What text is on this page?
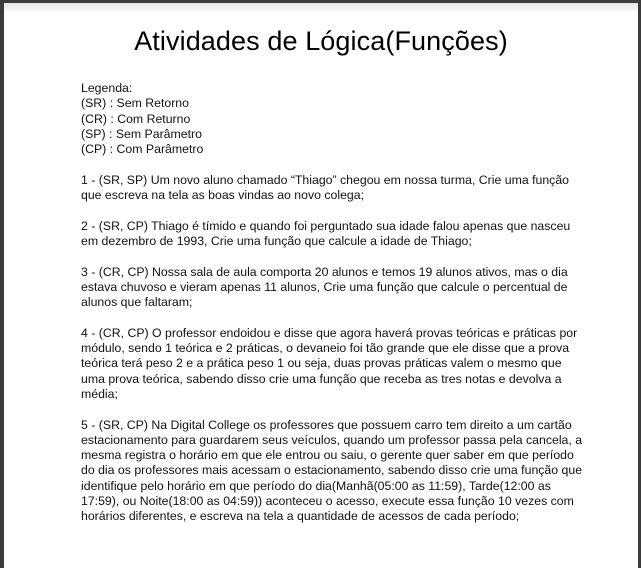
Atividades de Lógica(Funções)
Legenda:
(SR) : Sem Retorno
(CR) : Com Returno
(SP) : Sem Parâmetro
(CP) : Com Parâmetro

1 - (SR, SP) Um novo aluno chamado “Thiago” chegou em nossa turma, Crie uma função

que escreva na tela as boas vindas ao novo colega;

2 - (SR, CP) Thiago é tímido e quando foi perguntado sua idade falou apenas que nasceu

em dezembro de 1993, Crie uma função que calcule a idade de Thiago;

3 - (CR, CP) Nossa sala de aula comporta 20 alunos e temos 19 alunos ativos, mas o dia

estava chuvoso e vieram apenas 11 alunos, Crie uma função que calcule o percentual de

alunos que faltaram;

4 - (CR, CP) O professor endoidou e disse que agora haverá provas teóricas e práticas por

módulo, sendo 1 teórica e 2 práticas, o devaneio foi tão grande que ele disse que a prova

teórica terá peso 2 e a prática peso 1 ou seja, duas provas práticas valem o mesmo que

uma prova teórica, sabendo disso crie uma função que receba as tres notas e devolva a

média;

5 - (SR, CP) Na Digital College os professores que possuem carro tem direito a um cartão

estacionamento para guardarem seus veículos, quando um professor passa pela cancela, a

mesma registra o horário em que ele entrou ou saiu, o gerente quer saber em que período

do dia os professores mais acessam o estacionamento, sabendo disso crie uma função que

identifique pelo horário em que período do dia(Manhã(05:00 as 11:59), Tarde(12:00 as

17:59), ou Noite(18:00 as 04:59)) aconteceu o acesso, execute essa função 10 vezes com

horários diferentes, e escreva na tela a quantidade de acessos de cada período;
